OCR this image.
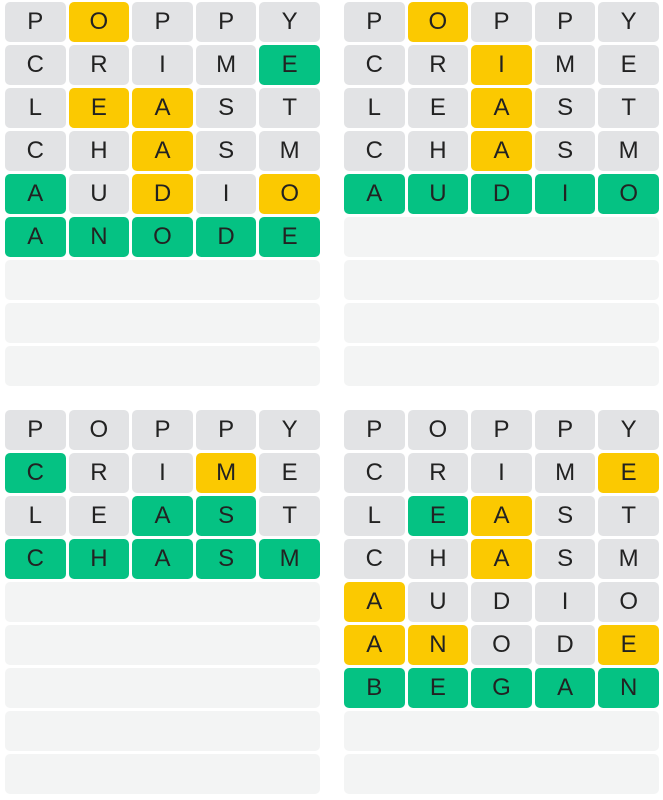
P	O	P	P	Y
C	R	I	M	E
L	E	A	S	T
C	H	A	S	M
A	U	D	I	O
A	N	O	D	E
P	O	P	P	Y
C	R	I	M	E
L	E	A	S	T
C	H	A	S	M
A	U	D	I	O
P	O	P	P	Y
C	R	I	M	E
L	E	A	S	T
C	H	A	S	M
P	O	P	P	Y
C	R	I	M	E
L	E	A	S	T
C	H	A	S	M
A	U	D	I	O
A	N	O	D	E
B	E	G	A	N
